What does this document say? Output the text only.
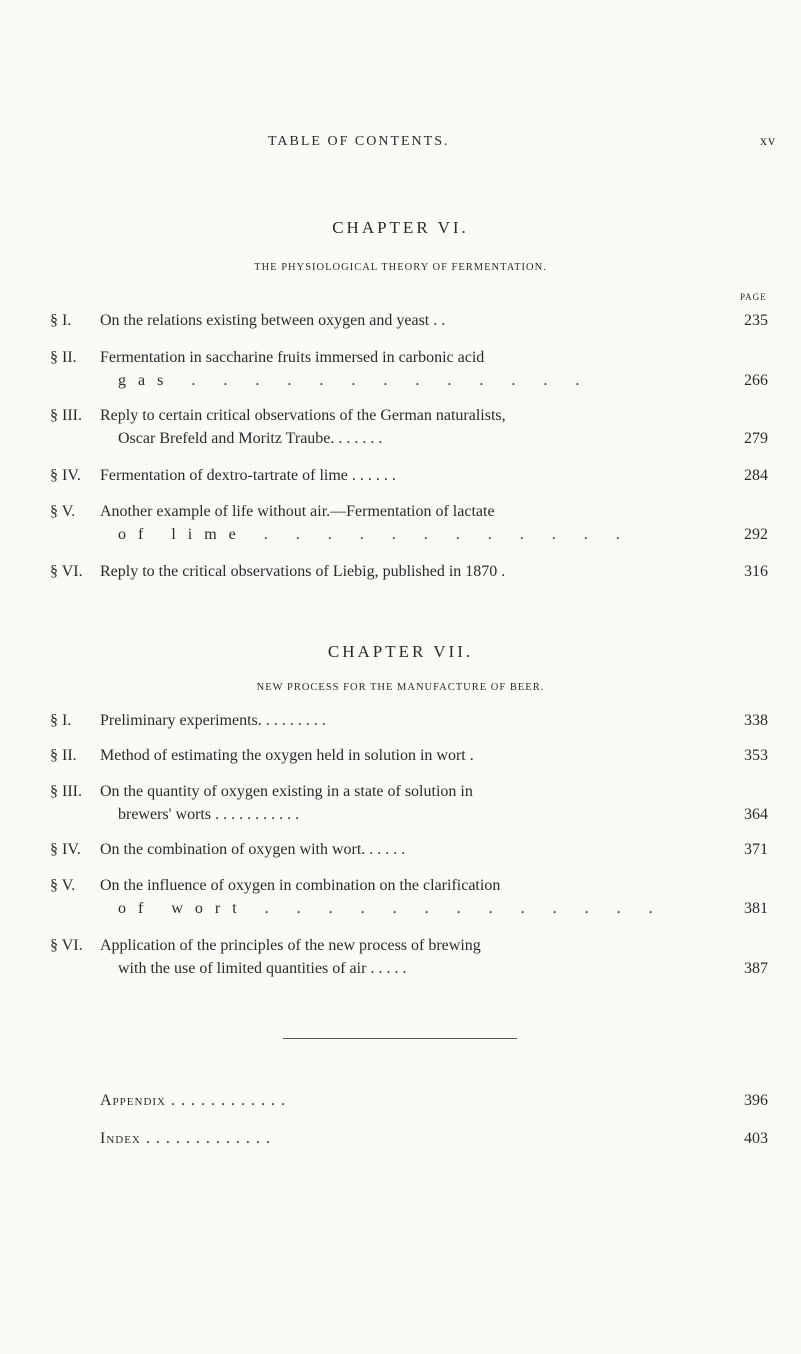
TABLE OF CONTENTS.	xv
CHAPTER VI.
THE PHYSIOLOGICAL THEORY OF FERMENTATION.
PAGE
§ I. On the relations existing between oxygen and yeast . .	235
§ II. Fermentation in saccharine fruits immersed in carbonic acid
gas . . . . . . . . . . . . .	266
§ III. Reply to certain critical observations of the German naturalists,
Oscar Brefeld and Moritz Traube. . . . . . .	279
§ IV. Fermentation of dextro-tartrate of lime . . . . . .	284
§ V. Another example of life without air.—Fermentation of lactate
of lime . . . . . . . . . . . .	292
§ VI. Reply to the critical observations of Liebig, published in 1870 .	316
CHAPTER VII.
NEW PROCESS FOR THE MANUFACTURE OF BEER.
§ I. Preliminary experiments. . . . . . . . .	338
§ II. Method of estimating the oxygen held in solution in wort .	353
§ III. On the quantity of oxygen existing in a state of solution in
brewers' worts . . . . . . . . . . .	364
§ IV. On the combination of oxygen with wort. . . . . .	371
§ V. On the influence of oxygen in combination on the clarification
of wort . . . . . . . . . . . . .	381
§ VI. Application of the principles of the new process of brewing
with the use of limited quantities of air . . . . .	387
Appendix . . . . . . . . . . . .	396
Index . . . . . . . . . . . . .	403
